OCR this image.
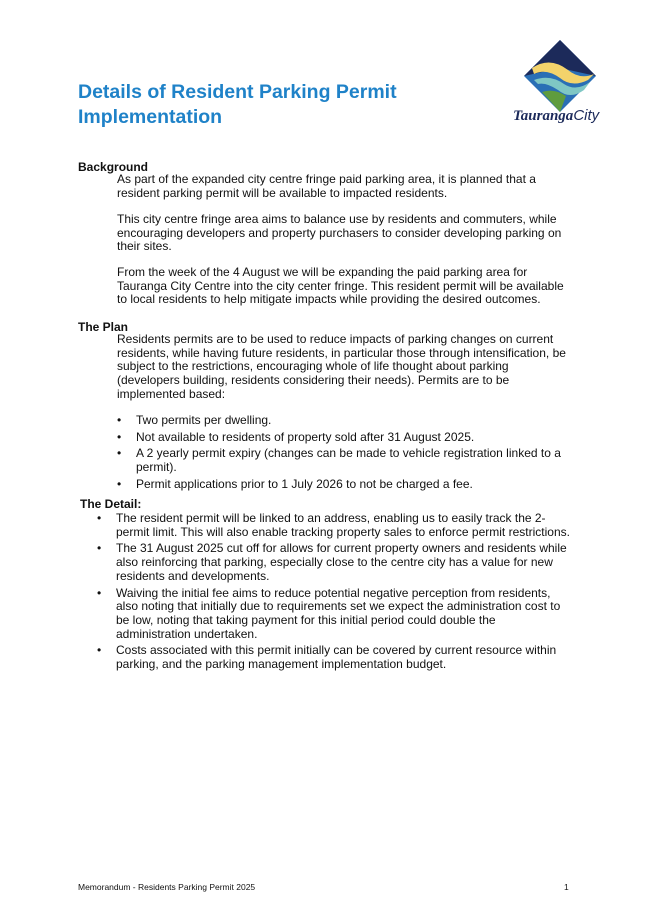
Details of Resident Parking Permit Implementation	TaurangaCity
Background

As part of the expanded city centre fringe paid parking area, it is planned that a resident parking permit will be available to impacted residents.

This city centre fringe area aims to balance use by residents and commuters, while encouraging developers and property purchasers to consider developing parking on their sites.

From the week of the 4 August we will be expanding the paid parking area for Tauranga City Centre into the city center fringe. This resident permit will be available to local residents to help mitigate impacts while providing the desired outcomes.

The Plan

Residents permits are to be used to reduce impacts of parking changes on current residents, while having future residents, in particular those through intensification, be subject to the restrictions, encouraging whole of life thought about parking (developers building, residents considering their needs). Permits are to be implemented based:

• Two permits per dwelling.
• Not available to residents of property sold after 31 August 2025.
• A 2 yearly permit expiry (changes can be made to vehicle registration linked to a permit).
• Permit applications prior to 1 July 2026 to not be charged a fee.
The Detail:
• The resident permit will be linked to an address, enabling us to easily track the 2-permit limit. This will also enable tracking property sales to enforce permit restrictions.
• The 31 August 2025 cut off for allows for current property owners and residents while also reinforcing that parking, especially close to the centre city has a value for new residents and developments.
• Waiving the initial fee aims to reduce potential negative perception from residents, also noting that initially due to requirements set we expect the administration cost to be low, noting that taking payment for this initial period could double the administration undertaken.
• Costs associated with this permit initially can be covered by current resource within parking, and the parking management implementation budget.
Memorandum - Residents Parking Permit 2025	1
